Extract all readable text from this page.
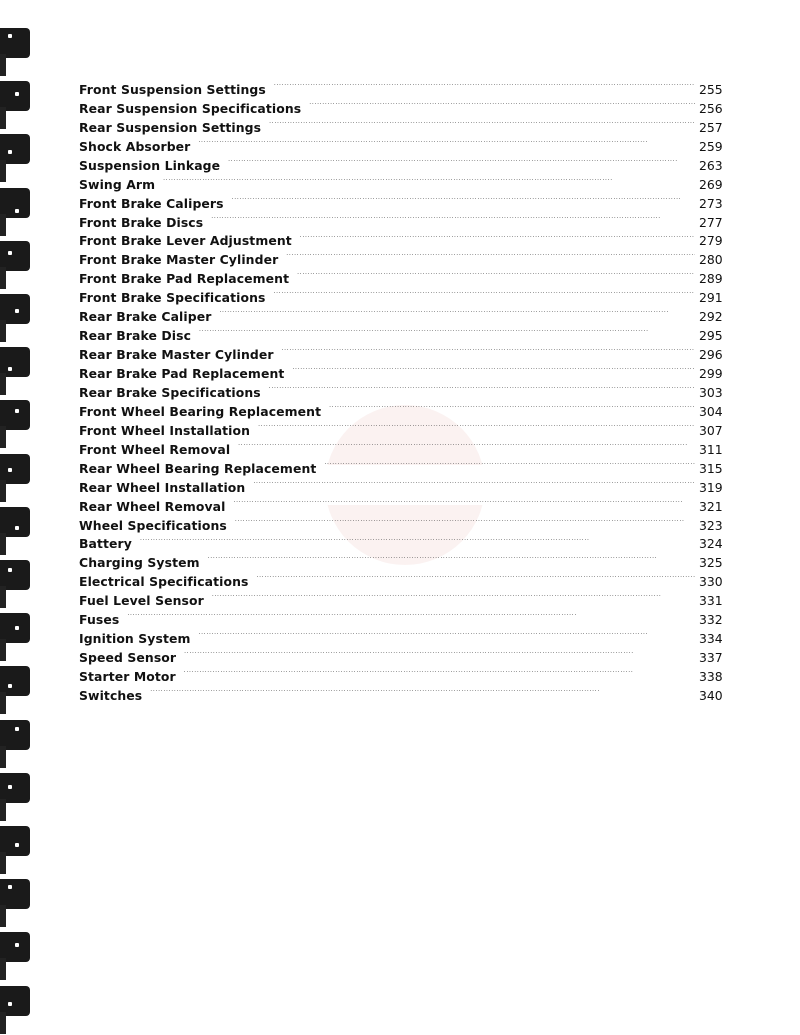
Front Suspension Settings . . .	255
Rear Suspension Specifications . . .	256
Rear Suspension Settings . . .	257
Shock Absorber . . .	259
Suspension Linkage . . .	263
Swing Arm . . .	269
Front Brake Calipers . . .	273
Front Brake Discs . . .	277
Front Brake Lever Adjustment . . .	279
Front Brake Master Cylinder . . .	280
Front Brake Pad Replacement . . .	289
Front Brake Specifications . . .	291
Rear Brake Caliper . . .	292
Rear Brake Disc . . .	295
Rear Brake Master Cylinder . . .	296
Rear Brake Pad Replacement . . .	299
Rear Brake Specifications . . .	303
Front Wheel Bearing Replacement . . .	304
Front Wheel Installation . . .	307
Front Wheel Removal . . .	311
Rear Wheel Bearing Replacement . . .	315
Rear Wheel Installation . . .	319
Rear Wheel Removal . . .	321
Wheel Specifications . . .	323
Battery . . .	324
Charging System . . .	325
Electrical Specifications . . .	330
Fuel Level Sensor . . .	331
Fuses . . .	332
Ignition System . . .	334
Speed Sensor . . .	337
Starter Motor . . .	338
Switches . . .	340
